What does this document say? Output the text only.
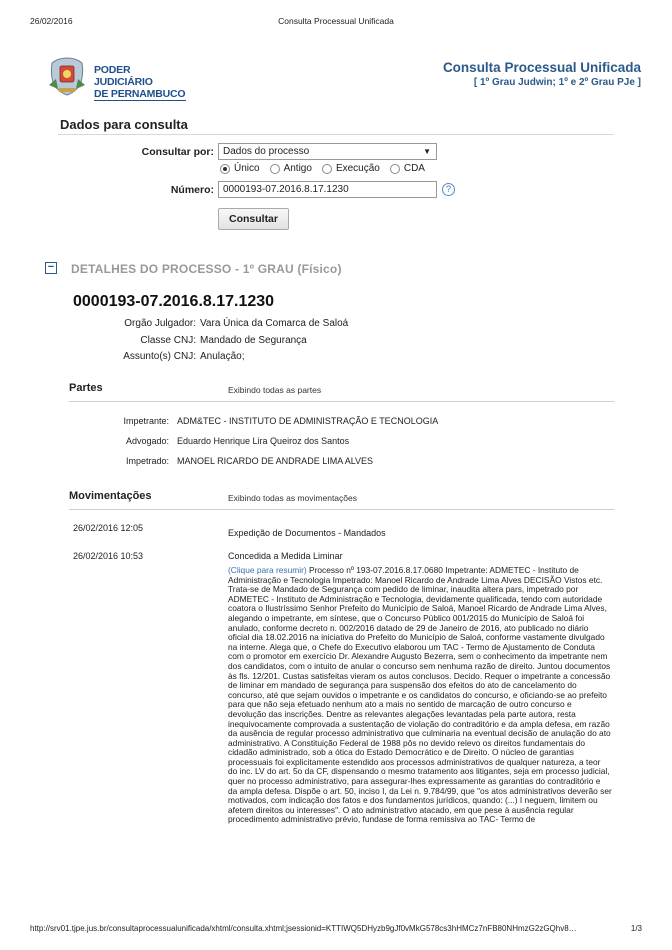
26/02/2016	Consulta Processual Unificada
PODER JUDICIÁRIO
DE PERNAMBUCO
Consulta Processual Unificada
[ 1º Grau Judwin; 1º e 2º Grau PJe ]
Dados para consulta
Consultar por: Dados do processo	▼
Único Antigo Execução CDA
Número: 0000193-07.2016.8.17.1230	?
Consultar
− DETALHES DO PROCESSO - 1º GRAU (Físico)
0000193-07.2016.8.17.1230
Orgão Julgador: Vara Única da Comarca de Saloá
Classe CNJ: Mandado de Segurança
Assunto(s) CNJ: Anulação;
Partes	Exibindo todas as partes
Impetrante: ADM&TEC - INSTITUTO DE ADMINISTRAÇÃO E TECNOLOGIA
Advogado: Eduardo Henrique Lira Queiroz dos Santos
Impetrado: MANOEL RICARDO DE ANDRADE LIMA ALVES
Movimentações	Exibindo todas as movimentações
26/02/2016 12:05	Expedição de Documentos - Mandados
26/02/2016 10:53	Concedida a Medida Liminar
(Clique para resumir) Processo nº 193-07.2016.8.17.0680 Impetrante: ADMETEC - Instituto de Administração e Tecnologia Impetrado: Manoel Ricardo de Andrade Lima Alves DECISÃO Vistos etc. Trata-se de Mandado de Segurança com pedido de liminar, inaudita altera pars, impetrado por ADMETEC - Instituto de Administração e Tecnologia, devidamente qualificada, tendo com autoridade coatora o Ilustríssimo Senhor Prefeito do Município de Saloá, Manoel Ricardo de Andrade Lima Alves, alegando o impetrante, em síntese, que o Concurso Público 001/2015 do Município de Saloá foi anulado, conforme decreto n. 002/2016 datado de 29 de Janeiro de 2016, ato publicado no diário oficial dia 18.02.2016 na iniciativa do Prefeito do Município de Saloá, conforme vastamente divulgado na interne. Alega que, o Chefe do Executivo elaborou um TAC - Termo de Ajustamento de Conduta com o promotor em exercício Dr. Alexandre Augusto Bezerra, sem o conhecimento da impetrante nem dos candidatos, com o intuito de anular o concurso sem nenhuma razão de direito. Juntou documentos às fls. 12/201. Custas satisfeitas vieram os autos conclusos. Decido. Requer o impetrante a concessão de liminar em mandado de segurança para suspensão dos efeitos do ato de cancelamento do concurso, até que sejam ouvidos o impetrante e os candidatos do concurso, e oficiando-se ao prefeito para que não seja efetuado nenhum ato a mais no sentido de marcação de outro concurso e devolução das inscrições. Dentre as relevantes alegações levantadas pela parte autora, resta inequivocamente comprovada a sustentação de violação do contraditório e da ampla defesa, em razão da ausência de regular processo administrativo que culminaria na eventual decisão de anulação do ato administrativo. A Constituição Federal de 1988 pôs no devido relevo os direitos fundamentais do cidadão administrado, sob a ótica do Estado Democrático e de Direito. O núcleo de garantias processuais foi explicitamente estendido aos processos administrativos de qualquer natureza, a teor do inc. LV do art. 5o da CF, dispensando o mesmo tratamento aos litigantes, seja em processo judicial, quer no processo administrativo, para assegurar-lhes expressamente as garantias do contraditório e da ampla defesa. Dispõe o art. 50, inciso I, da Lei n. 9.784/99, que "os atos administrativos deverão ser motivados, com indicação dos fatos e dos fundamentos jurídicos, quando: (...) I neguem, limitem ou afetem direitos ou interesses". O ato administrativo atacado, em que pese à ausência regular procedimento administrativo prévio, fundase de forma remissiva ao TAC- Termo de
http://srv01.tjpe.jus.br/consultaprocessualunificada/xhtml/consulta.xhtml;jsessionid=KTTIWQ5DHyzb9gJf0vMkG578cs3hHMCz7nFB80NHmzG2zGQhv8…	1/3
